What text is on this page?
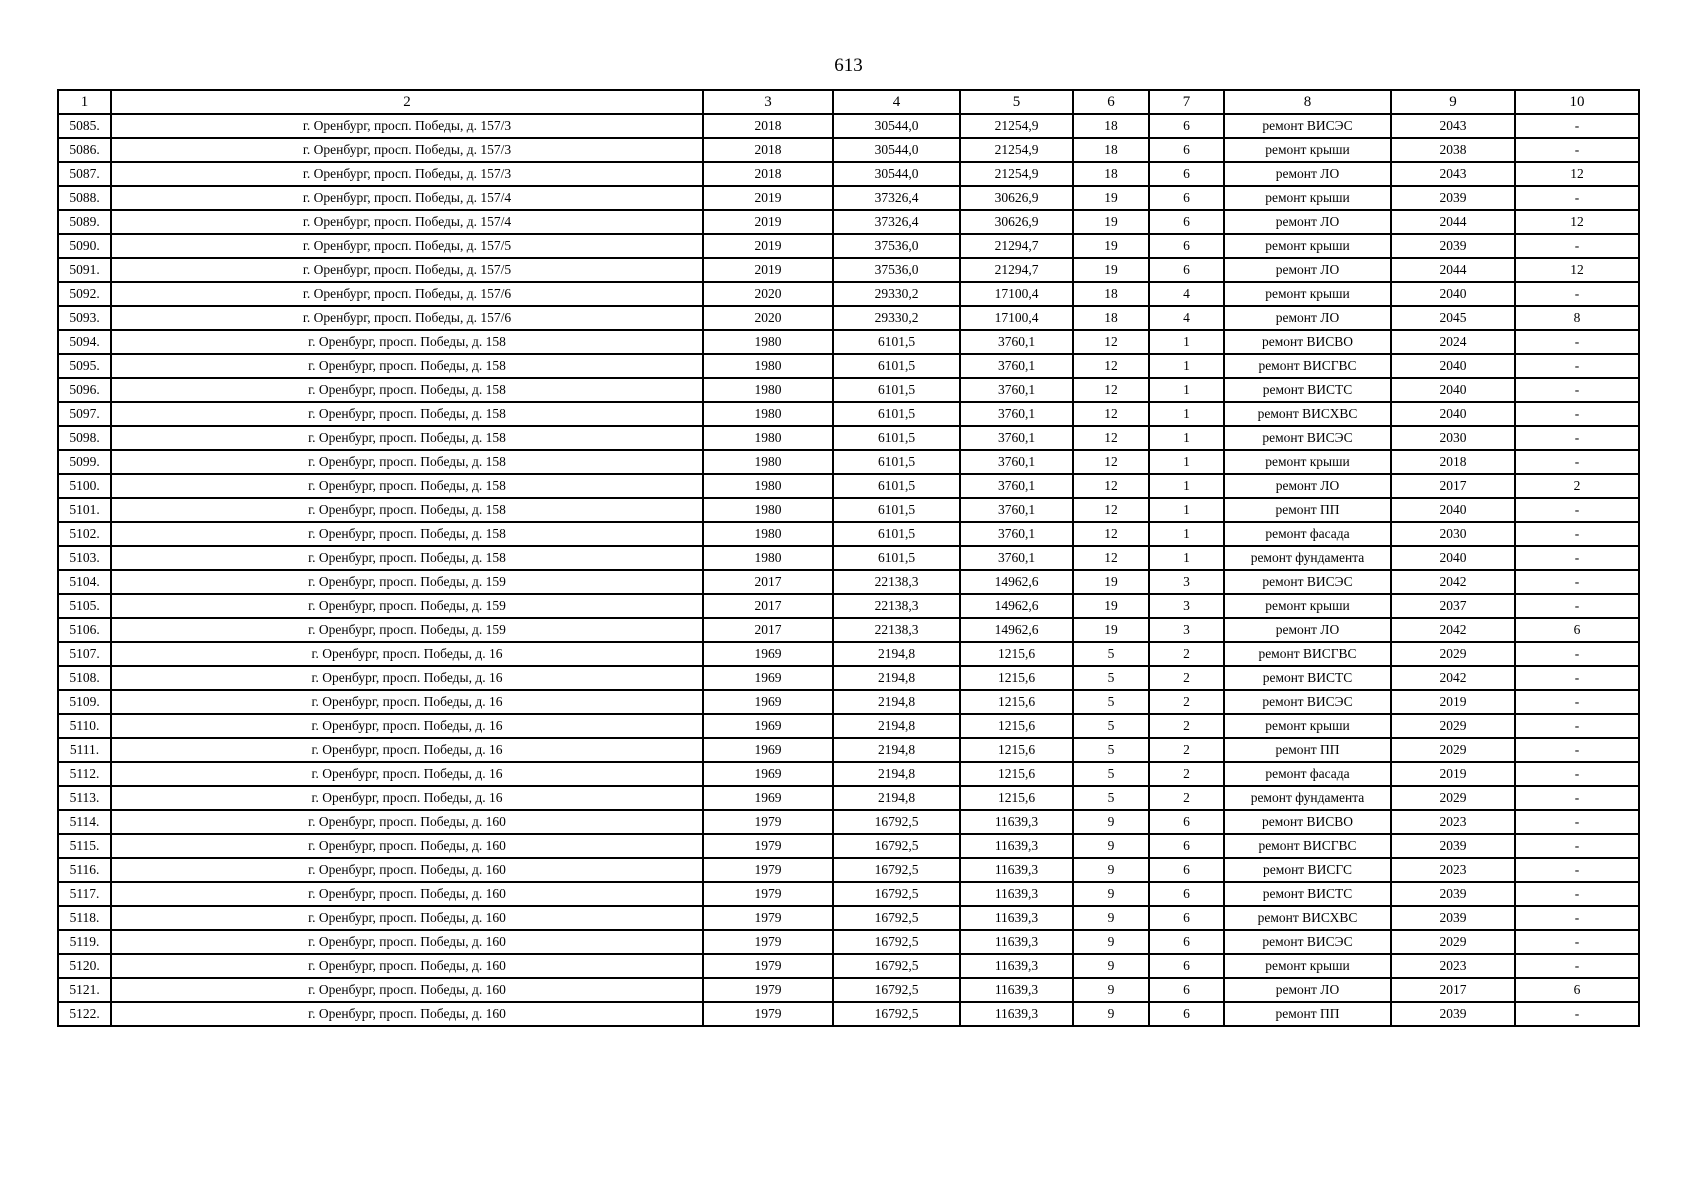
613
1	2	3	4	5	6	7	8	9	10
5085.	г. Оренбург, просп. Победы, д. 157/3	2018	30544,0	21254,9	18	6	ремонт ВИСЭС	2043	-
5086.	г. Оренбург, просп. Победы, д. 157/3	2018	30544,0	21254,9	18	6	ремонт крыши	2038	-
5087.	г. Оренбург, просп. Победы, д. 157/3	2018	30544,0	21254,9	18	6	ремонт ЛО	2043	12
5088.	г. Оренбург, просп. Победы, д. 157/4	2019	37326,4	30626,9	19	6	ремонт крыши	2039	-
5089.	г. Оренбург, просп. Победы, д. 157/4	2019	37326,4	30626,9	19	6	ремонт ЛО	2044	12
5090.	г. Оренбург, просп. Победы, д. 157/5	2019	37536,0	21294,7	19	6	ремонт крыши	2039	-
5091.	г. Оренбург, просп. Победы, д. 157/5	2019	37536,0	21294,7	19	6	ремонт ЛО	2044	12
5092.	г. Оренбург, просп. Победы, д. 157/6	2020	29330,2	17100,4	18	4	ремонт крыши	2040	-
5093.	г. Оренбург, просп. Победы, д. 157/6	2020	29330,2	17100,4	18	4	ремонт ЛО	2045	8
5094.	г. Оренбург, просп. Победы, д. 158	1980	6101,5	3760,1	12	1	ремонт ВИСВО	2024	-
5095.	г. Оренбург, просп. Победы, д. 158	1980	6101,5	3760,1	12	1	ремонт ВИСГВС	2040	-
5096.	г. Оренбург, просп. Победы, д. 158	1980	6101,5	3760,1	12	1	ремонт ВИСТС	2040	-
5097.	г. Оренбург, просп. Победы, д. 158	1980	6101,5	3760,1	12	1	ремонт ВИСХВС	2040	-
5098.	г. Оренбург, просп. Победы, д. 158	1980	6101,5	3760,1	12	1	ремонт ВИСЭС	2030	-
5099.	г. Оренбург, просп. Победы, д. 158	1980	6101,5	3760,1	12	1	ремонт крыши	2018	-
5100.	г. Оренбург, просп. Победы, д. 158	1980	6101,5	3760,1	12	1	ремонт ЛО	2017	2
5101.	г. Оренбург, просп. Победы, д. 158	1980	6101,5	3760,1	12	1	ремонт ПП	2040	-
5102.	г. Оренбург, просп. Победы, д. 158	1980	6101,5	3760,1	12	1	ремонт фасада	2030	-
5103.	г. Оренбург, просп. Победы, д. 158	1980	6101,5	3760,1	12	1	ремонт фундамента	2040	-
5104.	г. Оренбург, просп. Победы, д. 159	2017	22138,3	14962,6	19	3	ремонт ВИСЭС	2042	-
5105.	г. Оренбург, просп. Победы, д. 159	2017	22138,3	14962,6	19	3	ремонт крыши	2037	-
5106.	г. Оренбург, просп. Победы, д. 159	2017	22138,3	14962,6	19	3	ремонт ЛО	2042	6
5107.	г. Оренбург, просп. Победы, д. 16	1969	2194,8	1215,6	5	2	ремонт ВИСГВС	2029	-
5108.	г. Оренбург, просп. Победы, д. 16	1969	2194,8	1215,6	5	2	ремонт ВИСТС	2042	-
5109.	г. Оренбург, просп. Победы, д. 16	1969	2194,8	1215,6	5	2	ремонт ВИСЭС	2019	-
5110.	г. Оренбург, просп. Победы, д. 16	1969	2194,8	1215,6	5	2	ремонт крыши	2029	-
5111.	г. Оренбург, просп. Победы, д. 16	1969	2194,8	1215,6	5	2	ремонт ПП	2029	-
5112.	г. Оренбург, просп. Победы, д. 16	1969	2194,8	1215,6	5	2	ремонт фасада	2019	-
5113.	г. Оренбург, просп. Победы, д. 16	1969	2194,8	1215,6	5	2	ремонт фундамента	2029	-
5114.	г. Оренбург, просп. Победы, д. 160	1979	16792,5	11639,3	9	6	ремонт ВИСВО	2023	-
5115.	г. Оренбург, просп. Победы, д. 160	1979	16792,5	11639,3	9	6	ремонт ВИСГВС	2039	-
5116.	г. Оренбург, просп. Победы, д. 160	1979	16792,5	11639,3	9	6	ремонт ВИСГС	2023	-
5117.	г. Оренбург, просп. Победы, д. 160	1979	16792,5	11639,3	9	6	ремонт ВИСТС	2039	-
5118.	г. Оренбург, просп. Победы, д. 160	1979	16792,5	11639,3	9	6	ремонт ВИСХВС	2039	-
5119.	г. Оренбург, просп. Победы, д. 160	1979	16792,5	11639,3	9	6	ремонт ВИСЭС	2029	-
5120.	г. Оренбург, просп. Победы, д. 160	1979	16792,5	11639,3	9	6	ремонт крыши	2023	-
5121.	г. Оренбург, просп. Победы, д. 160	1979	16792,5	11639,3	9	6	ремонт ЛО	2017	6
5122.	г. Оренбург, просп. Победы, д. 160	1979	16792,5	11639,3	9	6	ремонт ПП	2039	-
